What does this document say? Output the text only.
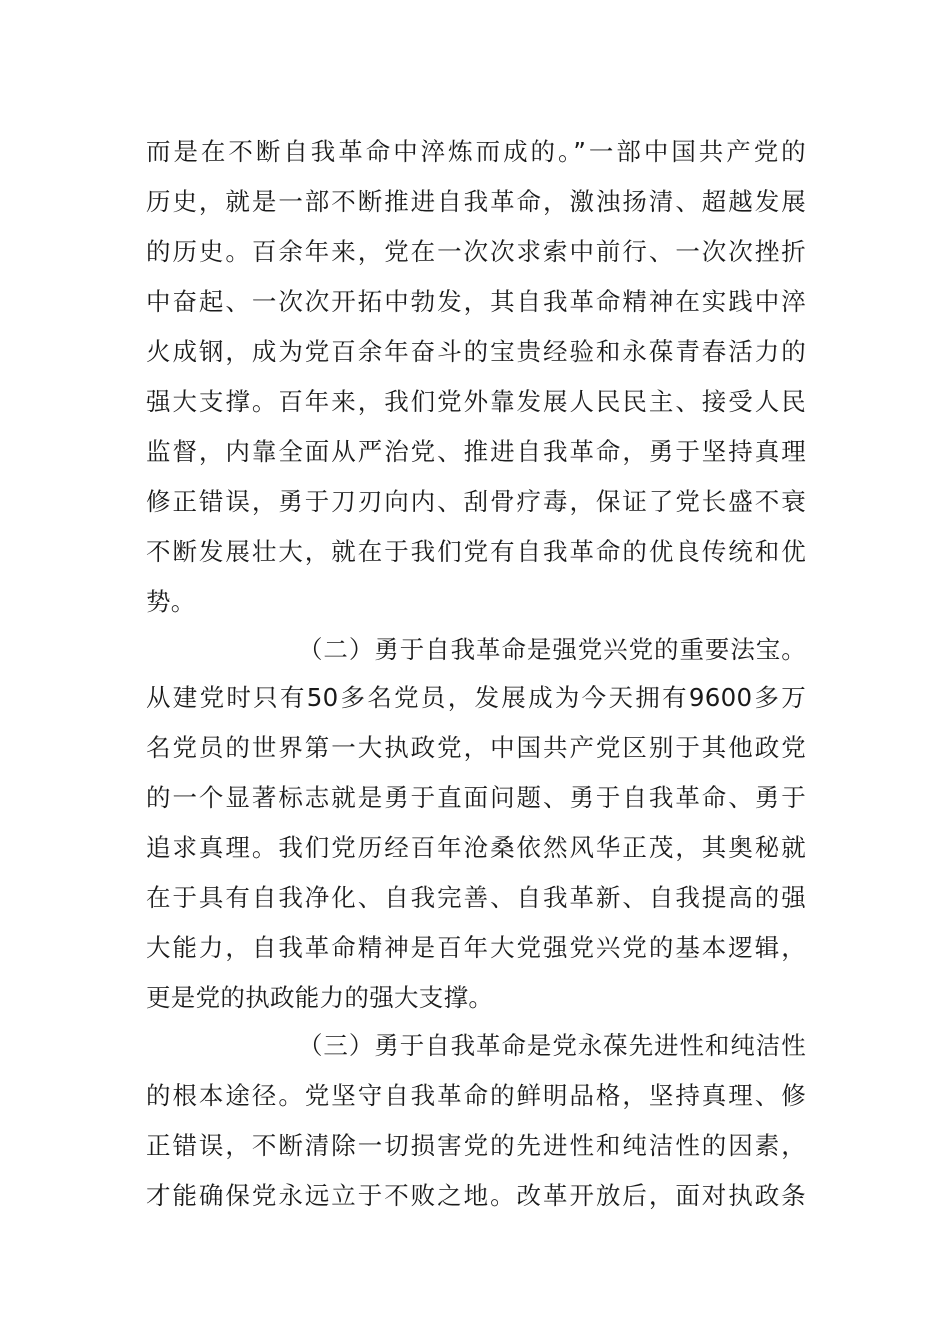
而是在不断自我革命中淬炼而成的。”一部中国共产党的
历史，就是一部不断推进自我革命，激浊扬清、超越发展
的历史。百余年来，党在一次次求索中前行、一次次挫折
中奋起、一次次开拓中勃发，其自我革命精神在实践中淬
火成钢，成为党百余年奋斗的宝贵经验和永葆青春活力的
强大支撑。百年来，我们党外靠发展人民民主、接受人民
监督，内靠全面从严治党、推进自我革命，勇于坚持真理
修正错误，勇于刀刃向内、刮骨疗毒，保证了党长盛不衰
不断发展壮大，就在于我们党有自我革命的优良传统和优
势。
（二）勇于自我革命是强党兴党的重要法宝。
从建党时只有50多名党员，发展成为今天拥有9600多万
名党员的世界第一大执政党，中国共产党区别于其他政党
的一个显著标志就是勇于直面问题、勇于自我革命、勇于
追求真理。我们党历经百年沧桑依然风华正茂，其奥秘就
在于具有自我净化、自我完善、自我革新、自我提高的强
大能力，自我革命精神是百年大党强党兴党的基本逻辑，
更是党的执政能力的强大支撑。
（三）勇于自我革命是党永葆先进性和纯洁性
的根本途径。党坚守自我革命的鲜明品格，坚持真理、修
正错误，不断清除一切损害党的先进性和纯洁性的因素，
才能确保党永远立于不败之地。改革开放后，面对执政条
